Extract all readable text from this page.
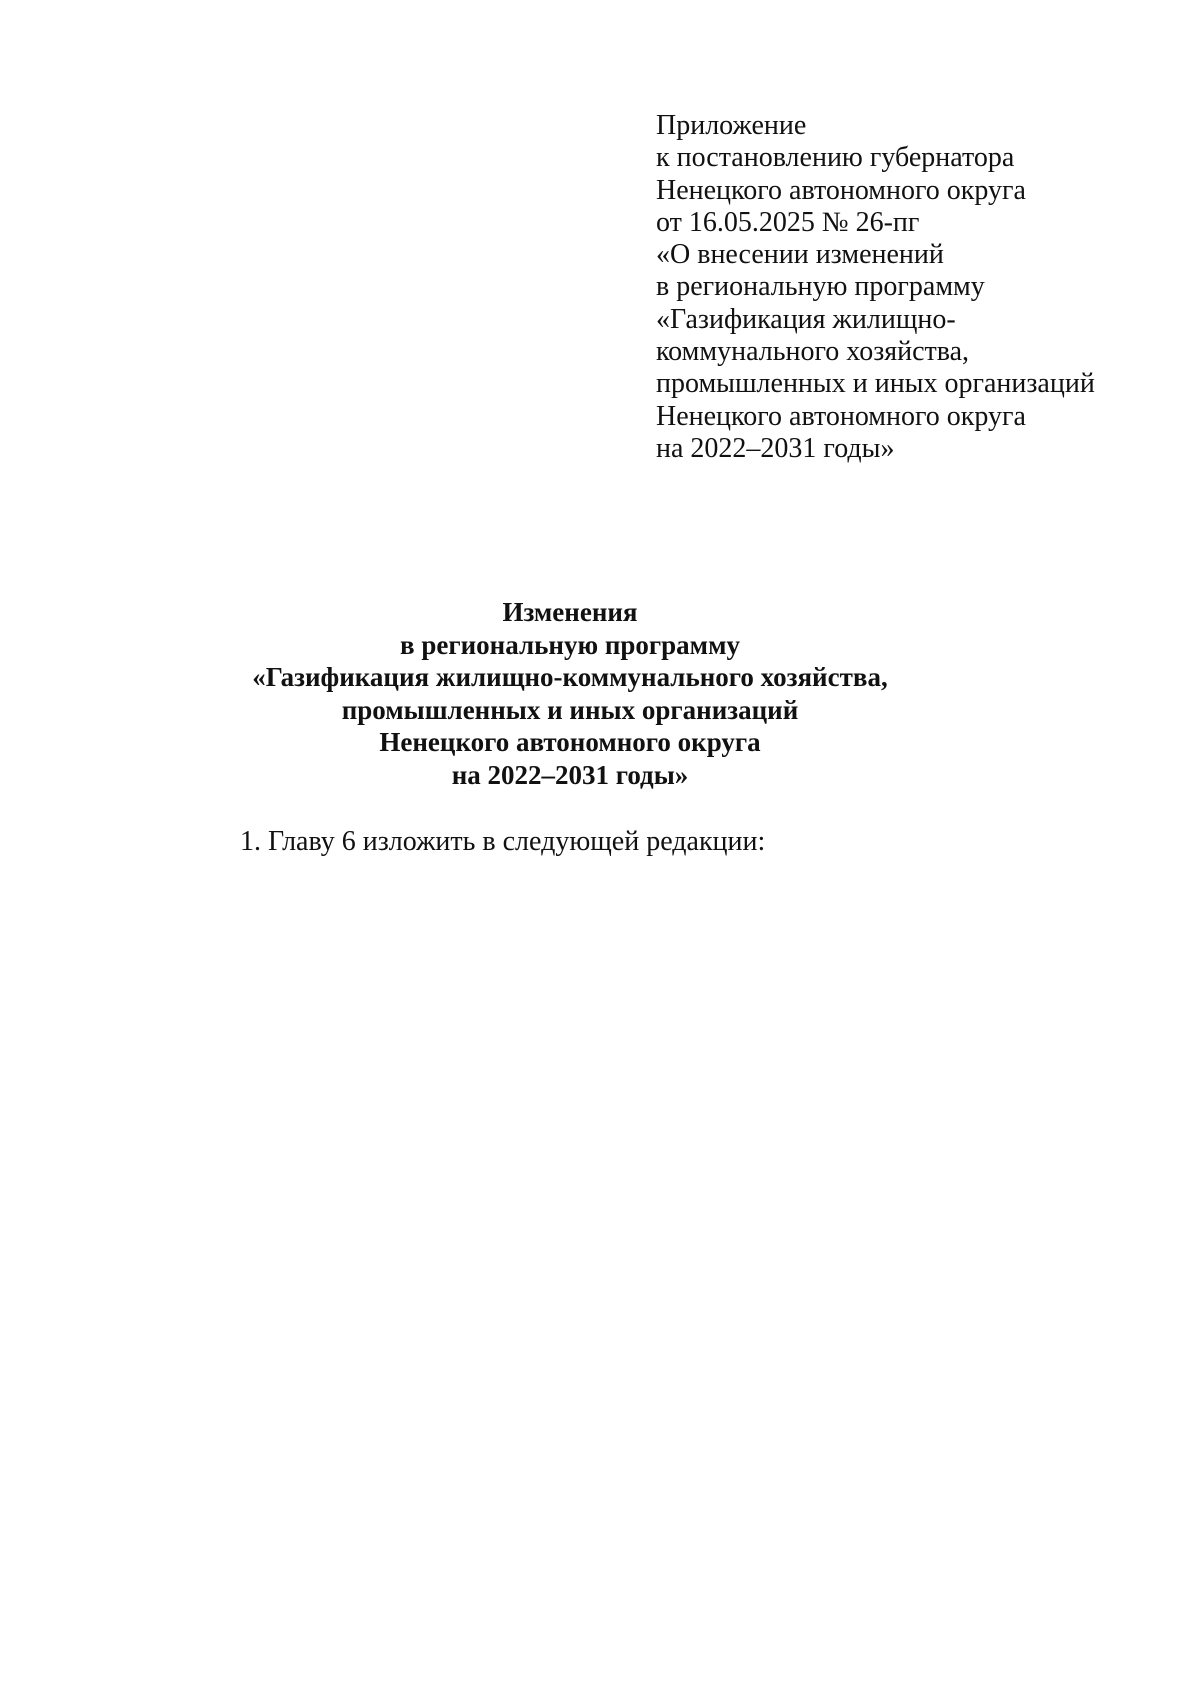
Приложение
к постановлению губернатора
Ненецкого автономного округа
от 16.05.2025 № 26-пг
«О внесении изменений
в региональную программу
«Газификация жилищно-
коммунального хозяйства,
промышленных и иных организаций
Ненецкого автономного округа
на 2022–2031 годы»
Изменения
в региональную программу
«Газификация жилищно-коммунального хозяйства,
промышленных и иных организаций
Ненецкого автономного округа
на 2022–2031 годы»
1. Главу 6 изложить в следующей редакции:
